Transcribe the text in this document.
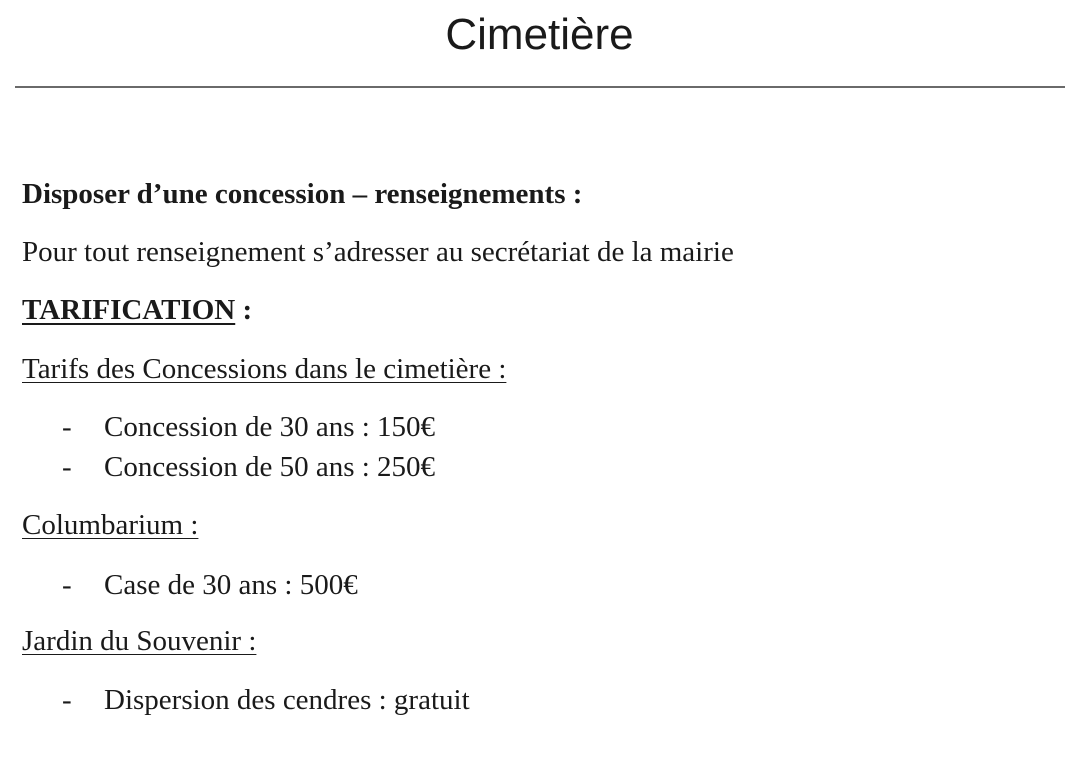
Cimetière
Disposer d’une concession – renseignements :
Pour tout renseignement s’adresser au secrétariat de la mairie
TARIFICATION :
Tarifs des Concessions dans le cimetière :
- Concession de 30 ans : 150€
- Concession de 50 ans : 250€
Columbarium :
- Case de 30 ans : 500€
Jardin du Souvenir :
- Dispersion des cendres : gratuit
